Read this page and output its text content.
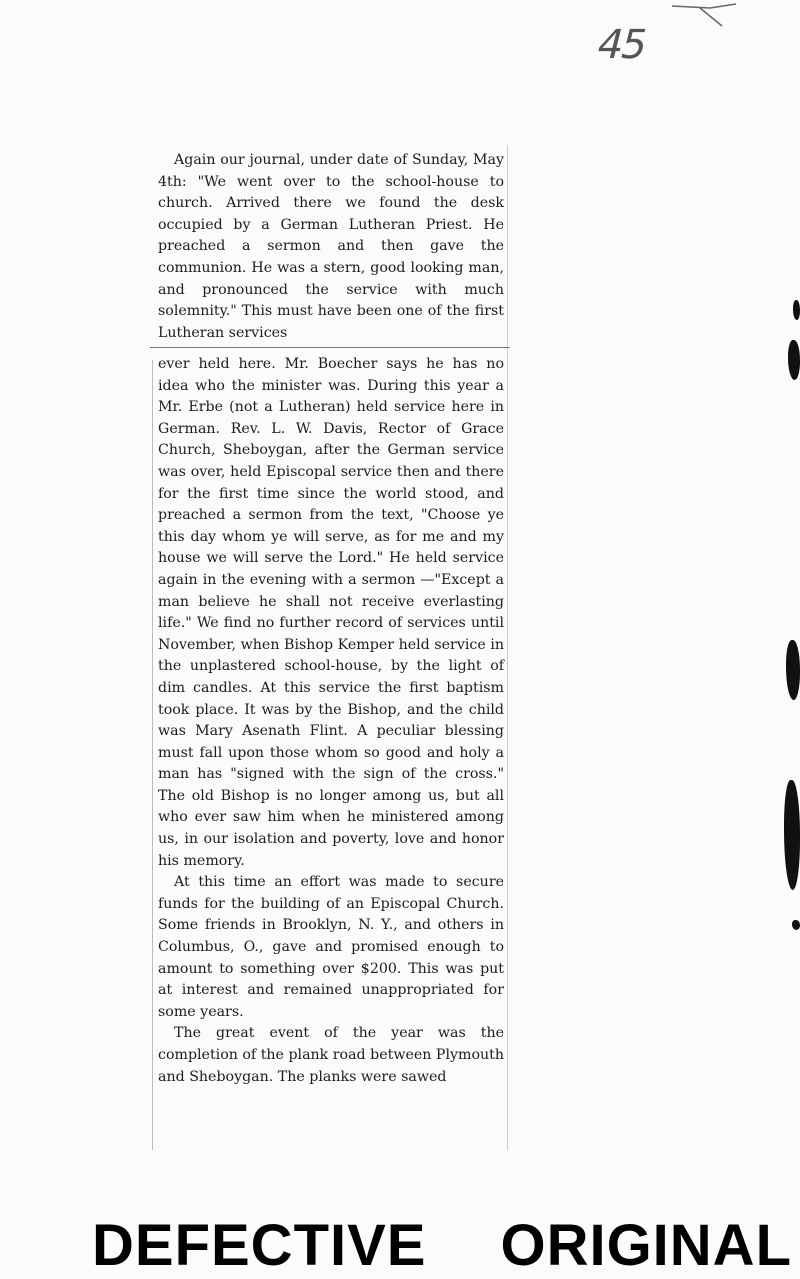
45

Again our journal, under date of Sunday, May 4th: "We went over to the school-house to church. Arrived there we found the desk occupied by a German Lutheran Priest. He preached a sermon and then gave the communion. He was a stern, good looking man, and pronounced the service with much solemnity." This must have been one of the first Lutheran services

ever held here. Mr. Boecher says he has no idea who the minister was. During this year a Mr. Erbe (not a Lutheran) held service here in German. Rev. L. W. Davis, Rector of Grace Church, Sheboygan, after the German service was over, held Episcopal service then and there for the first time since the world stood, and preached a sermon from the text, "Choose ye this day whom ye will serve, as for me and my house we will serve the Lord." He held service again in the evening with a sermon —"Except a man believe he shall not receive everlasting life." We find no further record of services until November, when Bishop Kemper held service in the unplastered school-house, by the light of dim candles. At this service the first baptism took place. It was by the Bishop, and the child was Mary Asenath Flint. A peculiar blessing must fall upon those whom so good and holy a man has "signed with the sign of the cross." The old Bishop is no longer among us, but all who ever saw him when he ministered among us, in our isolation and poverty, love and honor his memory.

At this time an effort was made to secure funds for the building of an Episcopal Church. Some friends in Brooklyn, N. Y., and others in Columbus, O., gave and promised enough to amount to something over $200. This was put at interest and remained unappropriated for some years.

The great event of the year was the completion of the plank road between Plymouth and Sheboygan. The planks were sawed

DEFECTIVE ORIGINAL
